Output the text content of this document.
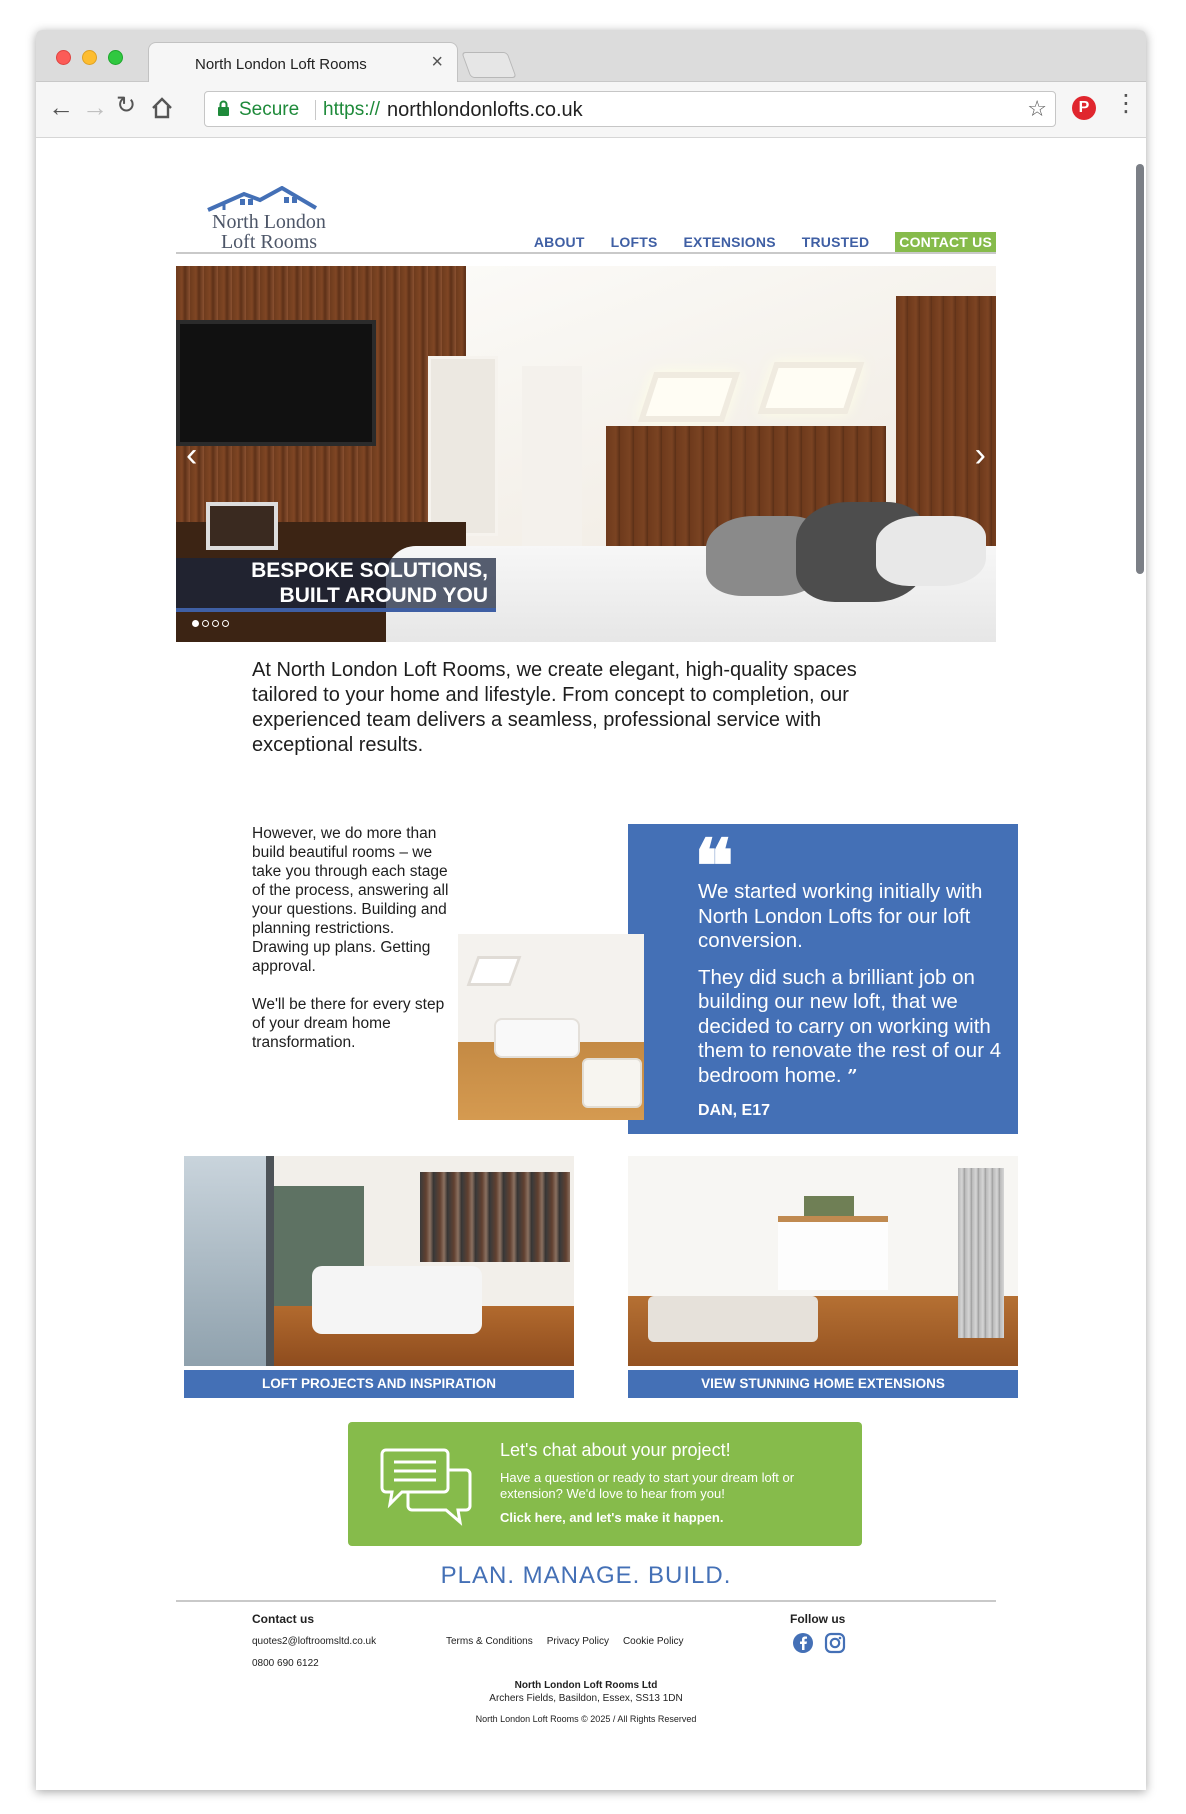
North London Loft Rooms	×
← → ↻	Secure https:// northlondonlofts.co.uk	☆	P ⋮
North London
Loft Rooms	ABOUT LOFTS EXTENSIONS TRUSTED CONTACT US
‹	›
BESPOKE SOLUTIONS,
BUILT AROUND YOU

At North London Loft Rooms, we create elegant, high-quality spaces tailored to your home and lifestyle. From concept to completion, our experienced team delivers a seamless, professional service with exceptional results.

However, we do more than build beautiful rooms – we take you through each stage of the process, answering all your questions. Building and planning restrictions. Drawing up plans. Getting approval.

We'll be there for every step of your dream home transformation.

❝

We started working initially with North London Lofts for our loft conversion.

They did such a brilliant job on building our new loft, that we decided to carry on working with them to renovate the rest of our 4 bedroom home. ”

DAN, E17
LOFT PROJECTS AND INSPIRATION	VIEW STUNNING HOME EXTENSIONS
Let's chat about your project!
Have a question or ready to start your dream loft or extension? We'd love to hear from you!
Click here, and let's make it happen.
PLAN. MANAGE. BUILD.
Contact us
quotes2@loftroomsltd.co.uk
0800 690 6122
Terms & Conditions Privacy Policy Cookie Policy
Follow us
North London Loft Rooms Ltd
Archers Fields, Basildon, Essex, SS13 1DN
North London Loft Rooms © 2025 / All Rights Reserved
